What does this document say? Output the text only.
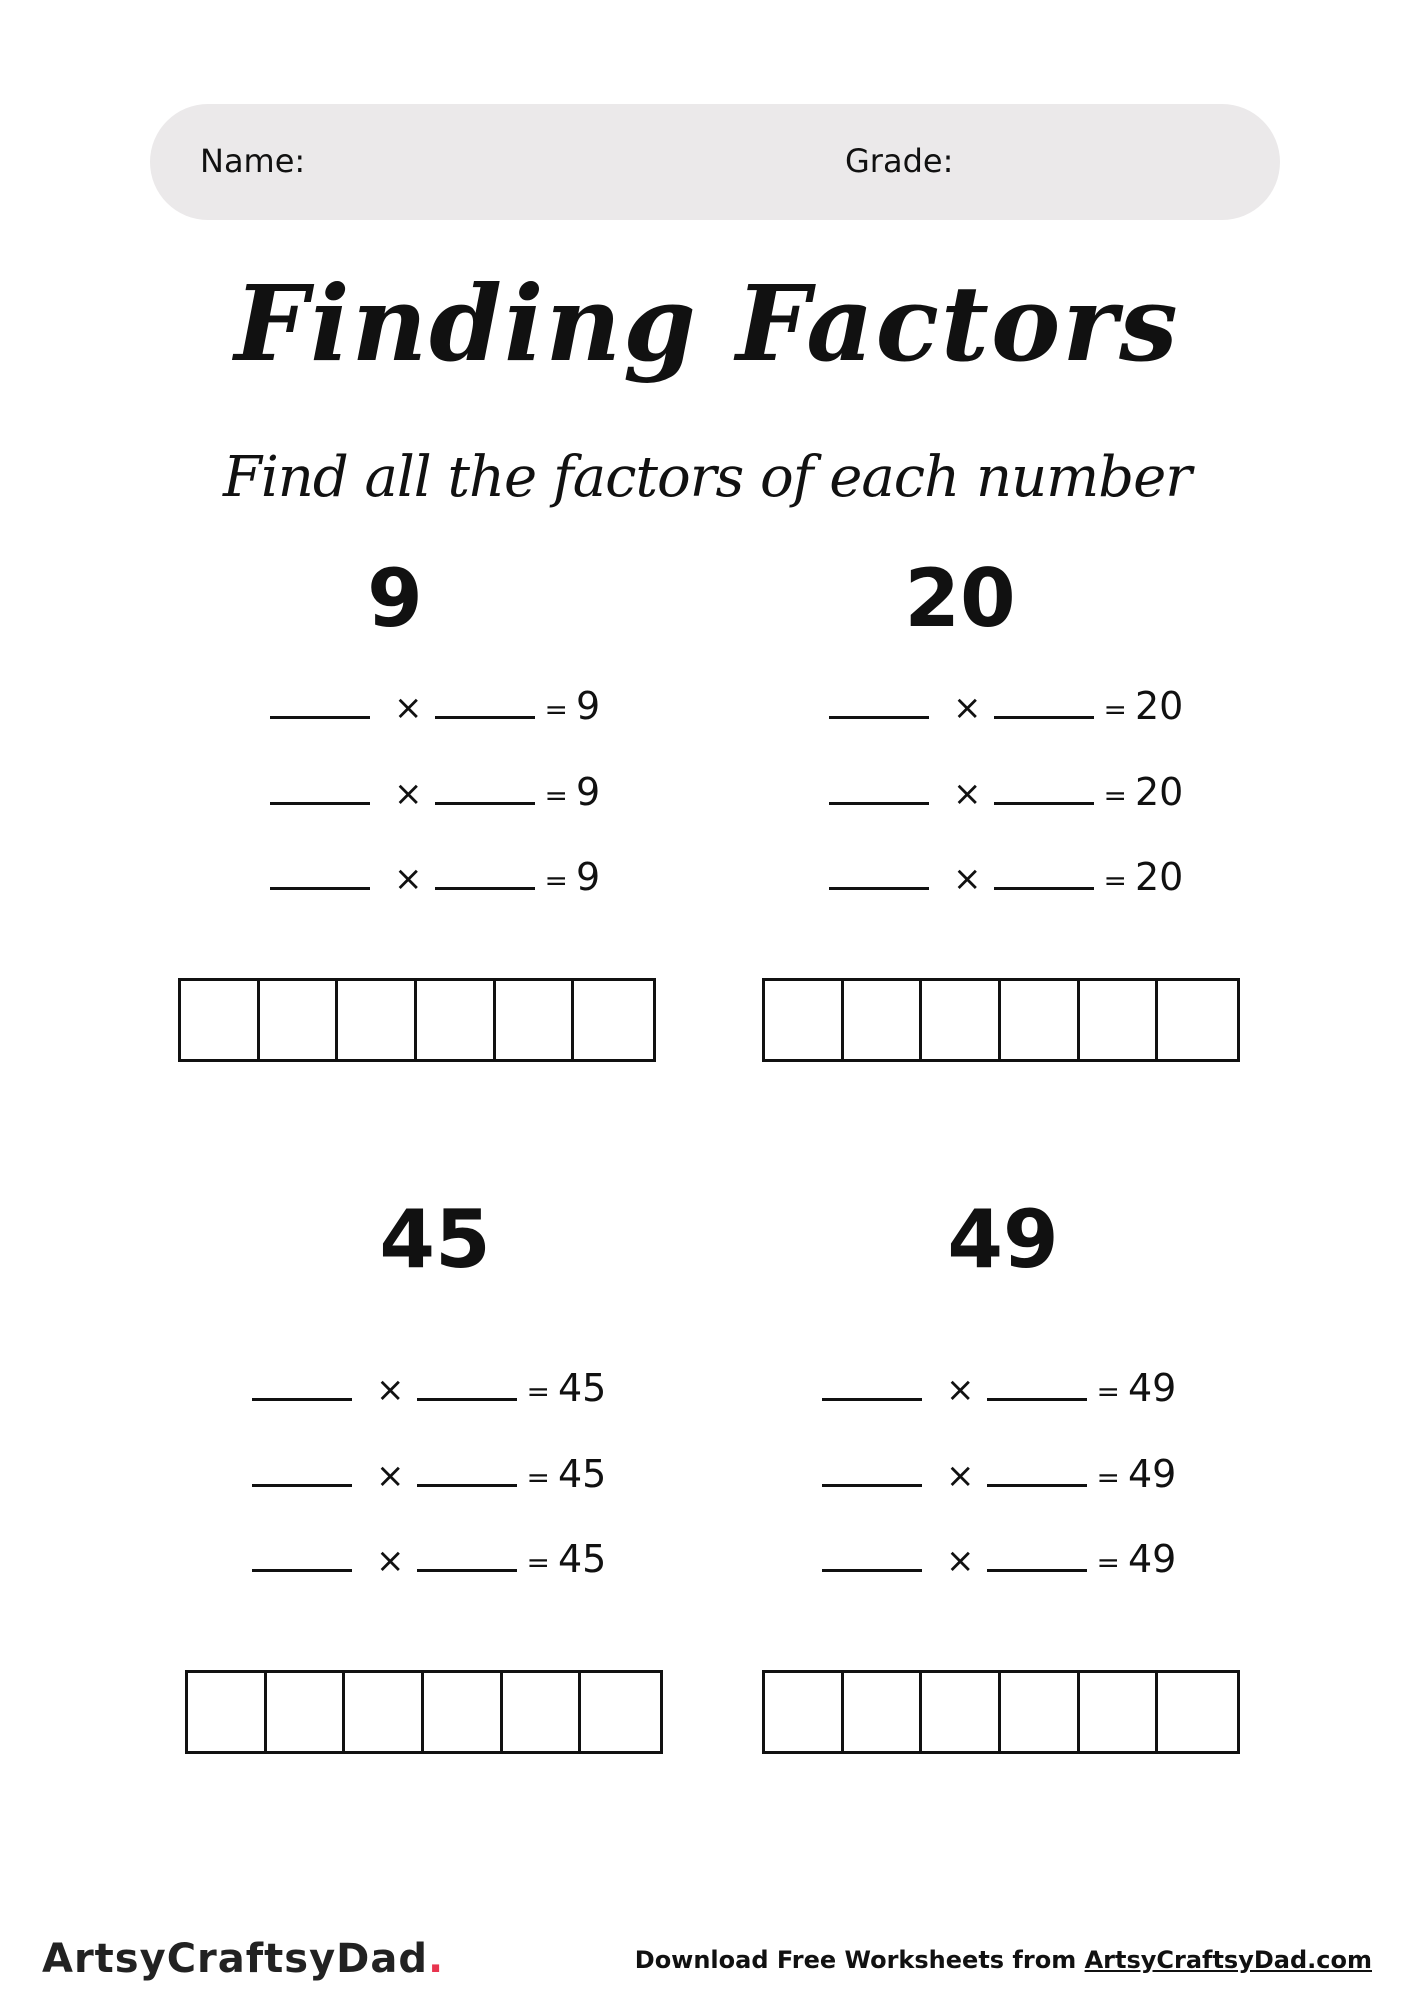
Name:	Grade:
Finding Factors
Find all the factors of each number
9
×	= 9
×	= 9
×	= 9
20
×	= 20
×	= 20
×	= 20
45
×	= 45
×	= 45
×	= 45
49
×	= 49
×	= 49
×	= 49
ArtsyCraftsyDad.	Download Free Worksheets from ArtsyCraftsyDad.com
